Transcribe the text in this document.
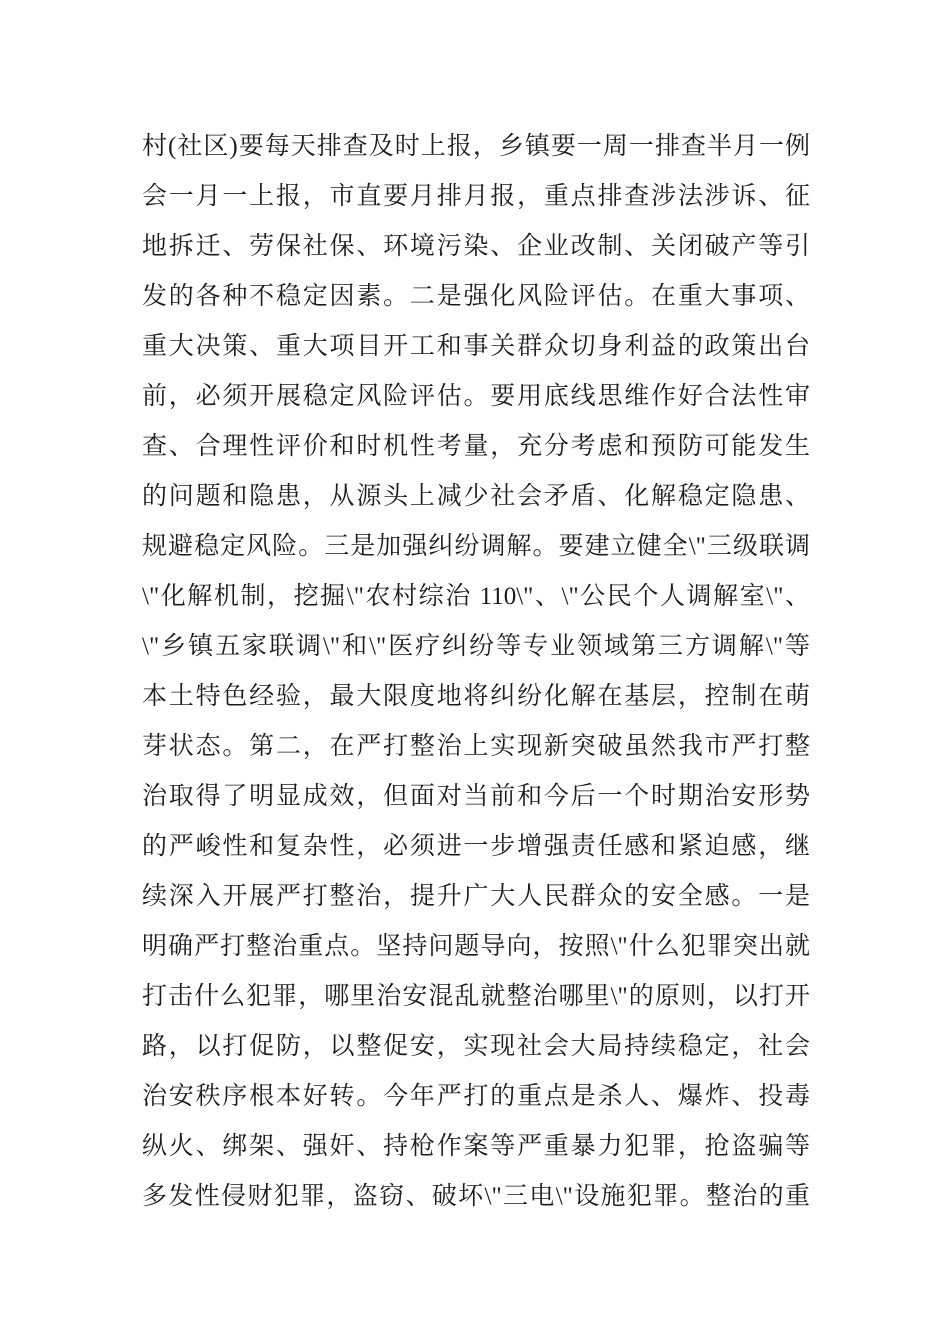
村(社区)要每天排查及时上报，乡镇要一周一排查半月一例
会一月一上报，市直要月排月报，重点排查涉法涉诉、征
地拆迁、劳保社保、环境污染、企业改制、关闭破产等引
发的各种不稳定因素。二是强化风险评估。在重大事项、
重大决策、重大项目开工和事关群众切身利益的政策出台
前，必须开展稳定风险评估。要用底线思维作好合法性审
查、合理性评价和时机性考量，充分考虑和预防可能发生
的问题和隐患，从源头上减少社会矛盾、化解稳定隐患、
规避稳定风险。三是加强纠纷调解。要建立健全\"三级联调
\"化解机制，挖掘\"农村综治 110\"、\"公民个人调解室\"、
\"乡镇五家联调\"和\"医疗纠纷等专业领域第三方调解\"等
本土特色经验，最大限度地将纠纷化解在基层，控制在萌
芽状态。第二，在严打整治上实现新突破虽然我市严打整
治取得了明显成效，但面对当前和今后一个时期治安形势
的严峻性和复杂性，必须进一步增强责任感和紧迫感，继
续深入开展严打整治，提升广大人民群众的安全感。一是
明确严打整治重点。坚持问题导向，按照\"什么犯罪突出就
打击什么犯罪，哪里治安混乱就整治哪里\"的原则，以打开
路，以打促防，以整促安，实现社会大局持续稳定，社会
治安秩序根本好转。今年严打的重点是杀人、爆炸、投毒
纵火、绑架、强奸、持枪作案等严重暴力犯罪，抢盗骗等
多发性侵财犯罪，盗窃、破坏\"三电\"设施犯罪。整治的重
